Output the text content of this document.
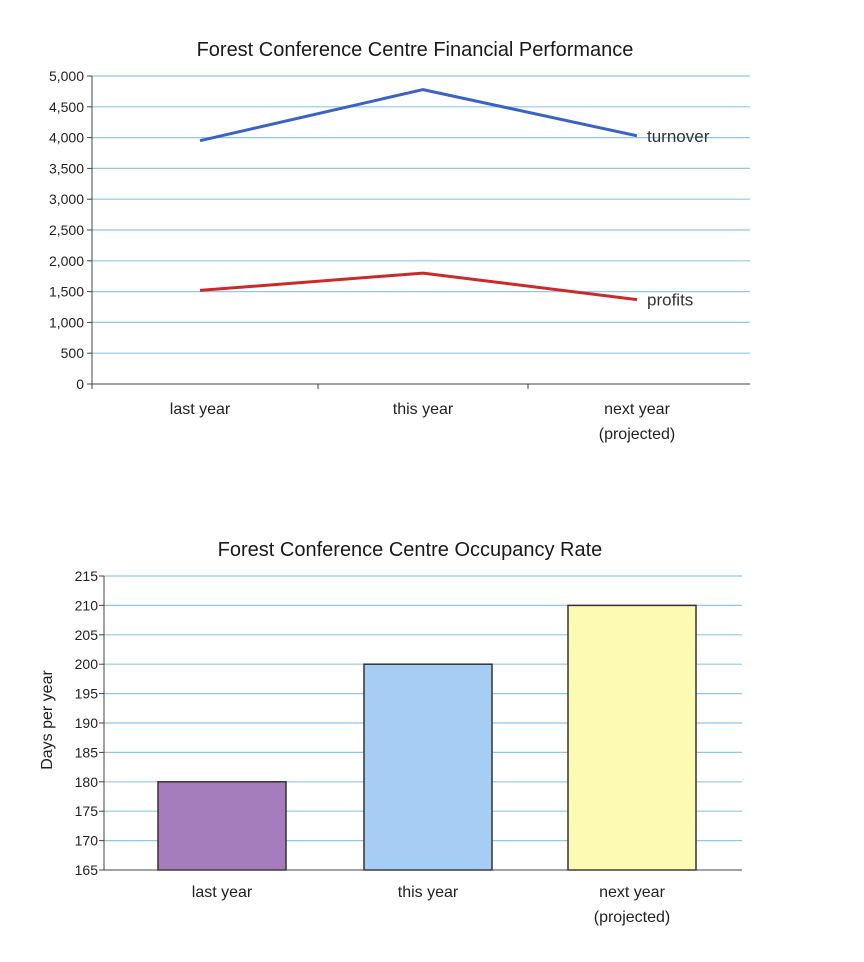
Forest Conference Centre Financial Performance
0
500
1,000
1,500
2,000
2,500
3,000
3,500
4,000
4,500
5,000
last year	this year	next year
(projected)
turnover
profits
Forest Conference Centre Occupancy Rate
165
170
175
180
185
190
195
200
205
210
215
Days per year
last year	this year	next year
(projected)
